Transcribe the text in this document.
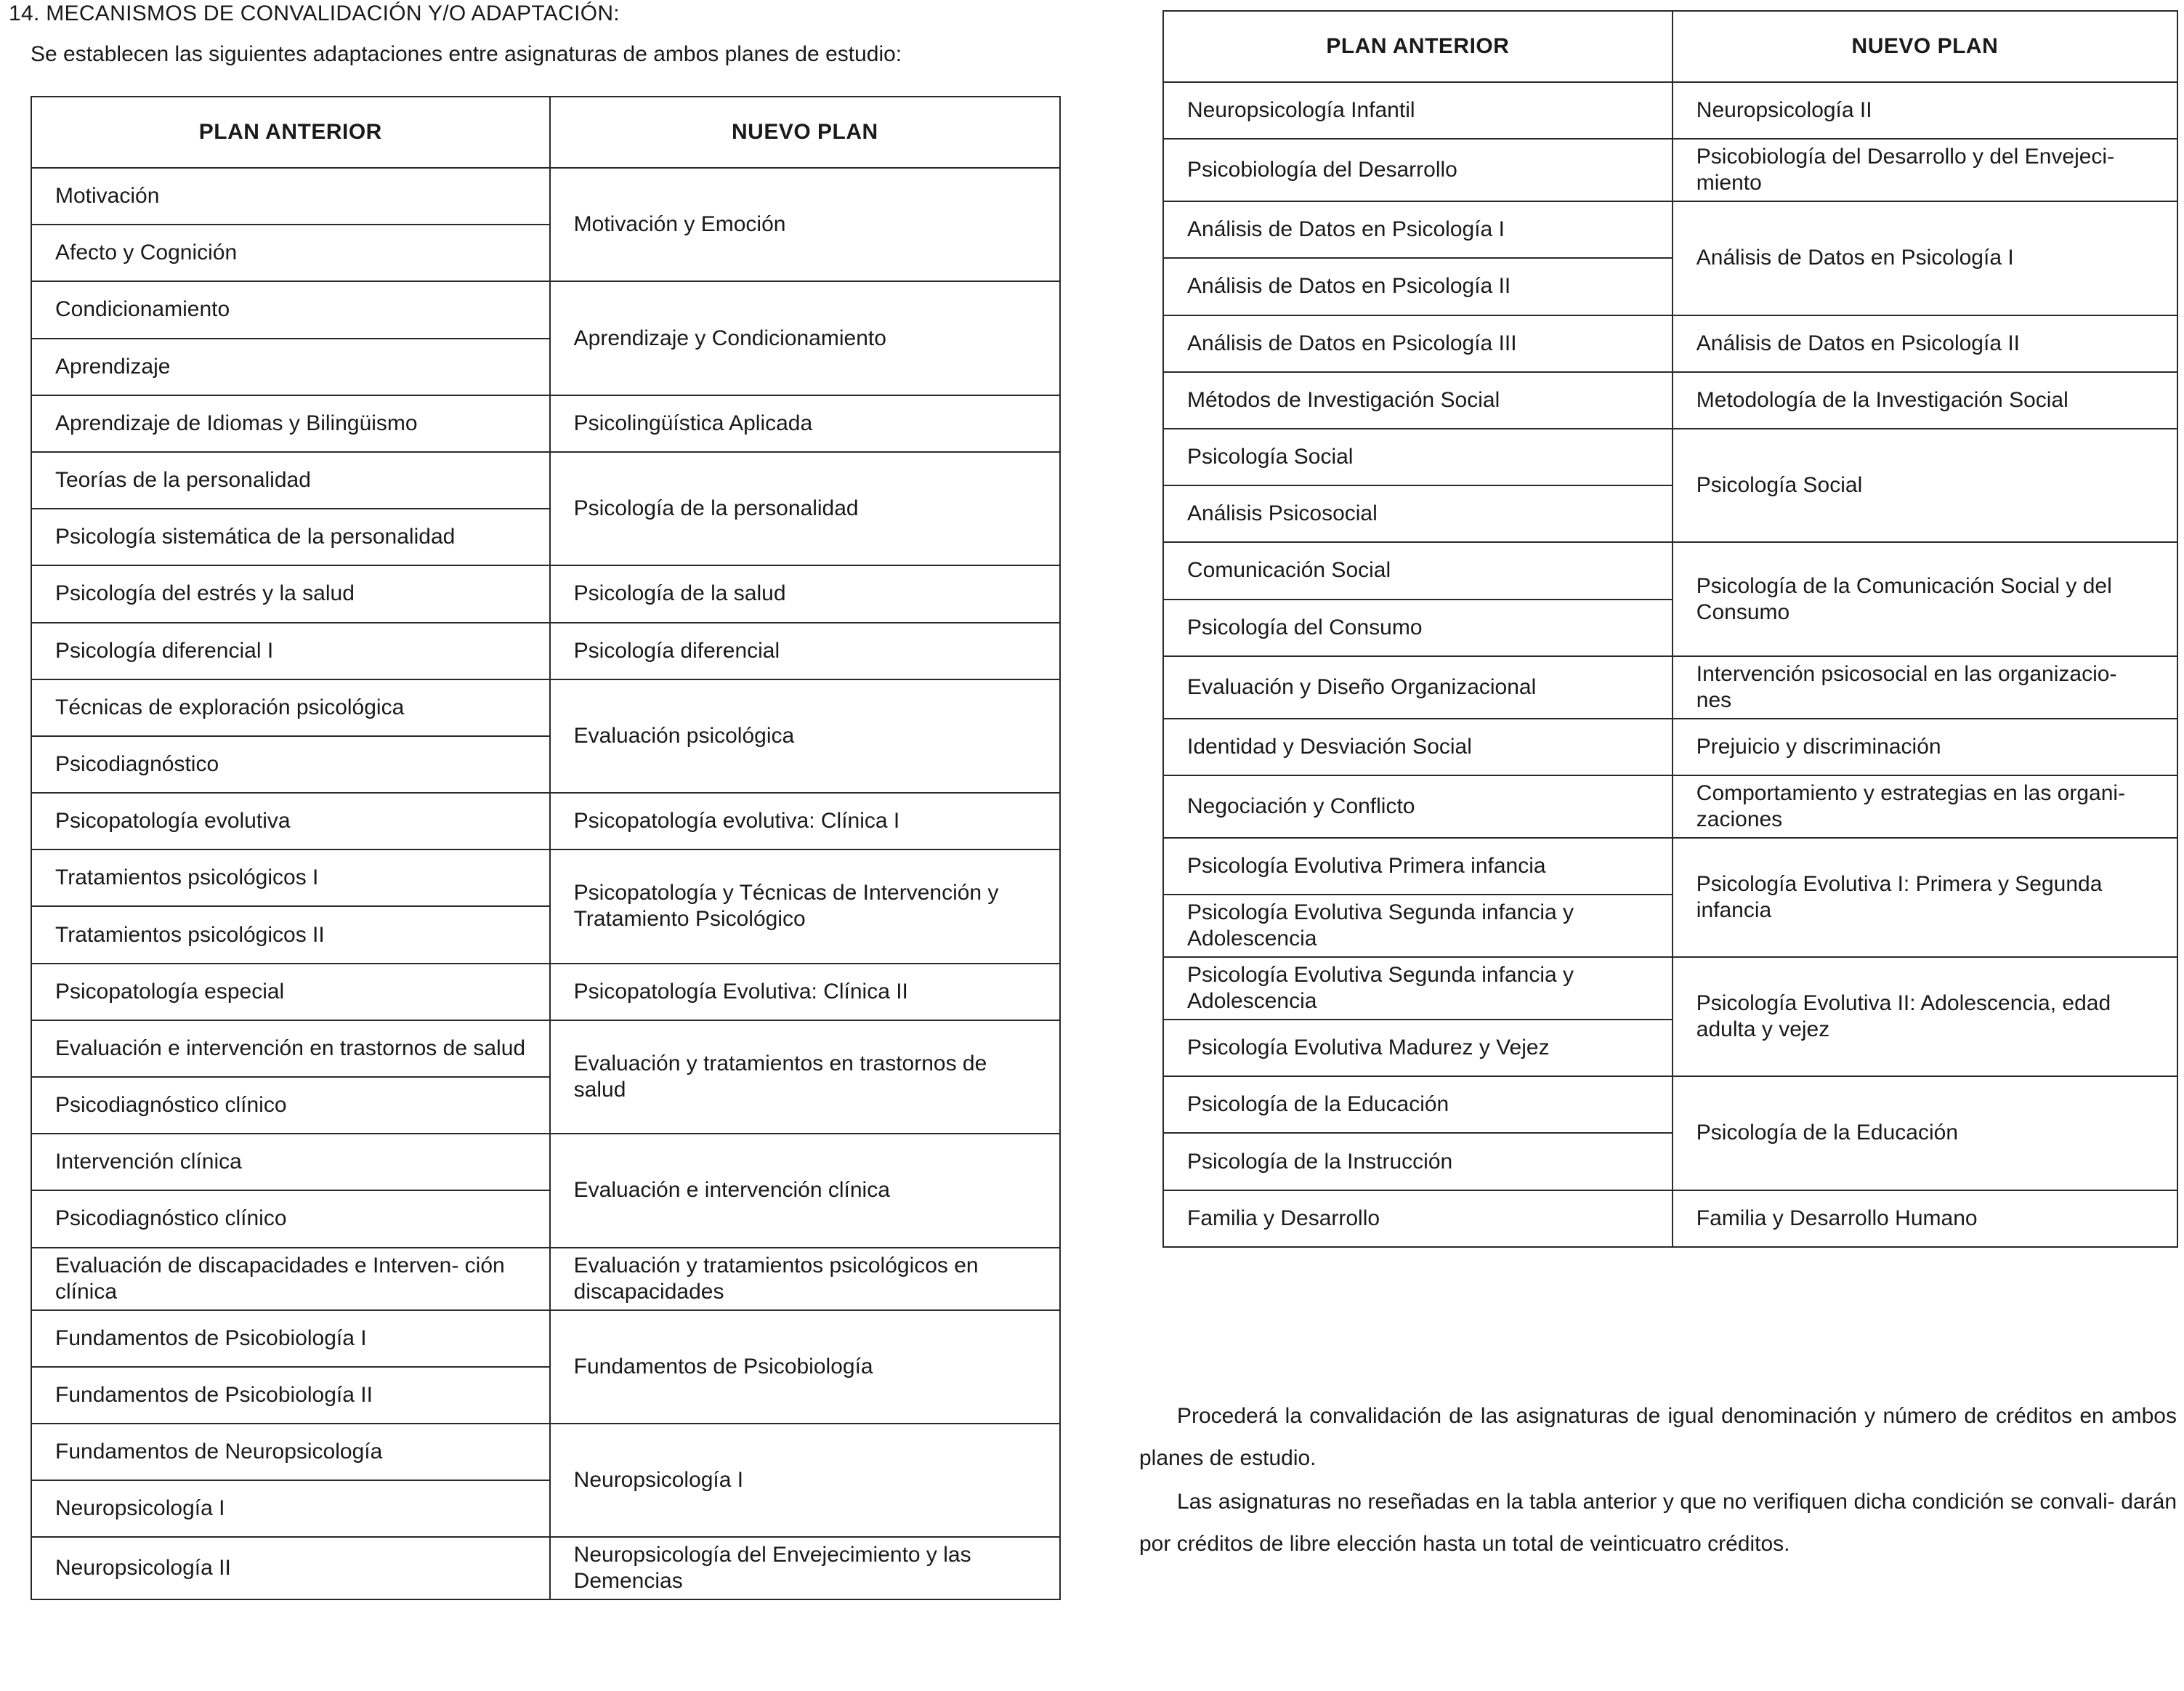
14. MECANISMOS DE CONVALIDACIÓN Y/O ADAPTACIÓN:
Se establecen las siguientes adaptaciones entre asignaturas de ambos planes de estudio:
PLAN ANTERIOR	NUEVO PLAN
Motivación	Motivación y Emoción
Afecto y Cognición	
Condicionamiento	Aprendizaje y Condicionamiento
Aprendizaje	
Aprendizaje de Idiomas y Bilingüismo	Psicolingüística Aplicada
Teorías de la personalidad	Psicología de la personalidad
Psicología sistemática de la personalidad	
Psicología del estrés y la salud	Psicología de la salud
Psicología diferencial I	Psicología diferencial
Técnicas de exploración psicológica	Evaluación psicológica
Psicodiagnóstico	
Psicopatología evolutiva	Psicopatología evolutiva: Clínica I
Tratamientos psicológicos I	Psicopatología y Técnicas de Intervención y Tratamiento Psicológico
Tratamientos psicológicos II	
Psicopatología especial	Psicopatología Evolutiva: Clínica II
Evaluación e intervención en trastornos de salud	Evaluación y tratamientos en trastornos de salud
Psicodiagnóstico clínico	
Intervención clínica	Evaluación e intervención clínica
Psicodiagnóstico clínico	
Evaluación de discapacidades e Interven- ción clínica	Evaluación y tratamientos psicológicos en discapacidades
Fundamentos de Psicobiología I	Fundamentos de Psicobiología
Fundamentos de Psicobiología II	
Fundamentos de Neuropsicología	Neuropsicología I
Neuropsicología I	
Neuropsicología II	Neuropsicología del Envejecimiento y las Demencias
PLAN ANTERIOR	NUEVO PLAN
Neuropsicología Infantil	Neuropsicología II
Psicobiología del Desarrollo	Psicobiología del Desarrollo y del Envejeci- miento
Análisis de Datos en Psicología I	Análisis de Datos en Psicología I
Análisis de Datos en Psicología II	
Análisis de Datos en Psicología III	Análisis de Datos en Psicología II
Métodos de Investigación Social	Metodología de la Investigación Social
Psicología Social	Psicología Social
Análisis Psicosocial	
Comunicación Social	Psicología de la Comunicación Social y del Consumo
Psicología del Consumo	
Evaluación y Diseño Organizacional	Intervención psicosocial en las organizacio- nes
Identidad y Desviación Social	Prejuicio y discriminación
Negociación y Conflicto	Comportamiento y estrategias en las organi- zaciones
Psicología Evolutiva Primera infancia	Psicología Evolutiva I: Primera y Segunda infancia
Psicología Evolutiva Segunda infancia y Adolescencia	
Psicología Evolutiva Segunda infancia y Adolescencia	Psicología Evolutiva II: Adolescencia, edad adulta y vejez
Psicología Evolutiva Madurez y Vejez	
Psicología de la Educación	Psicología de la Educación
Psicología de la Instrucción	
Familia y Desarrollo	Familia y Desarrollo Humano

Procederá la convalidación de las asignaturas de igual denominación y número de créditos en ambos planes de estudio.

Las asignaturas no reseñadas en la tabla anterior y que no verifiquen dicha condición se convali- darán por créditos de libre elección hasta un total de veinticuatro créditos.
